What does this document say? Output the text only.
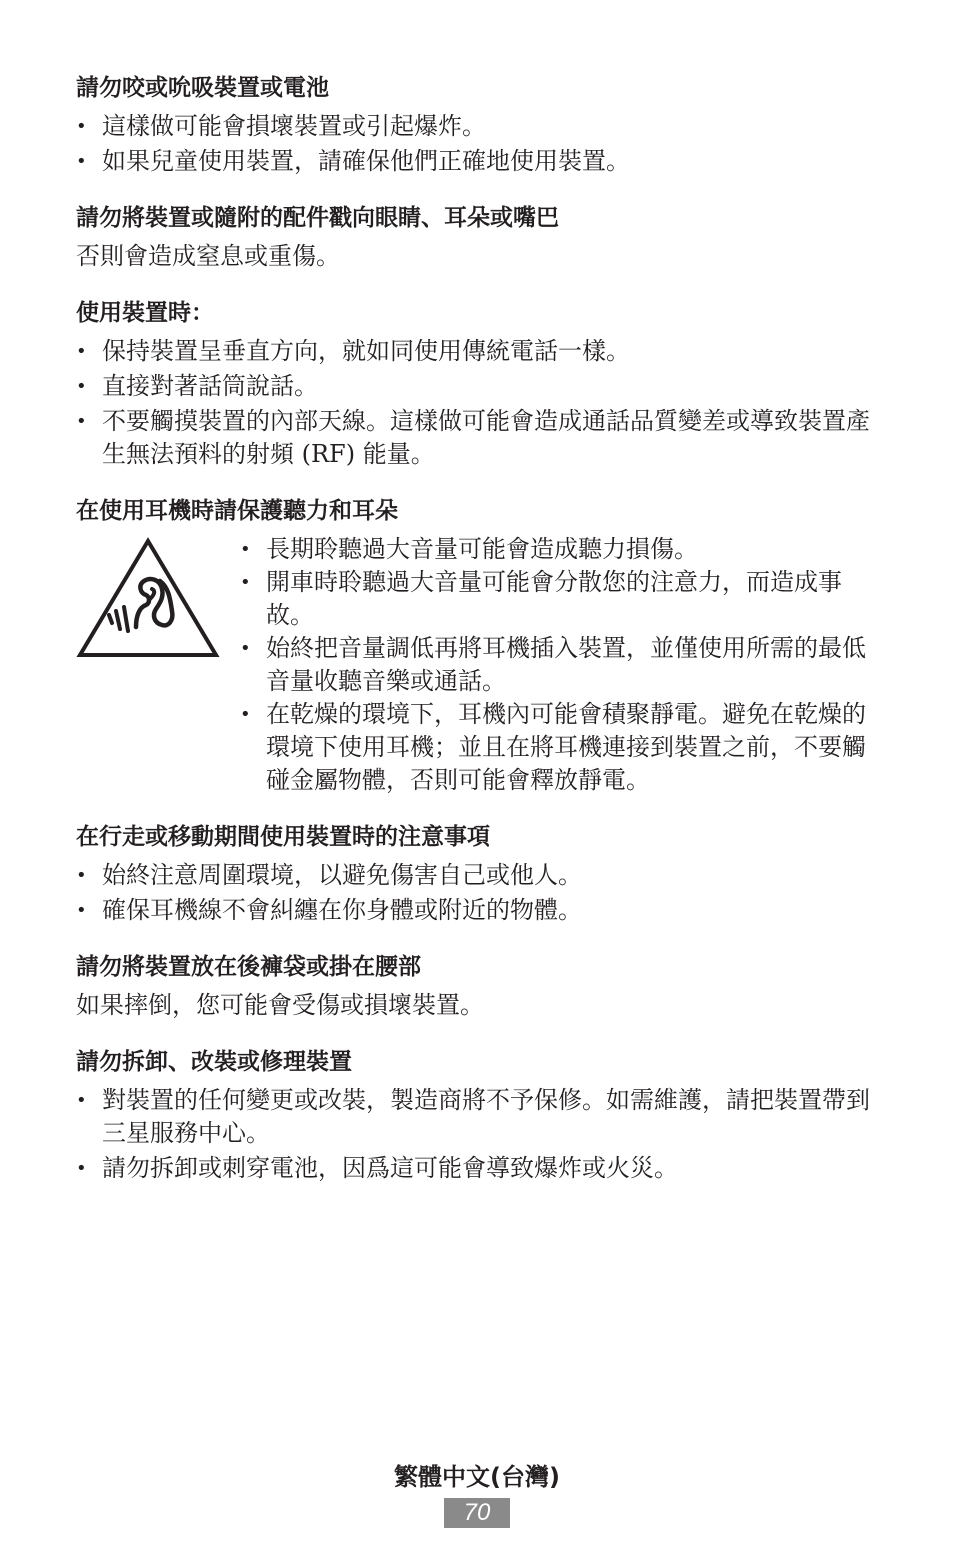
請勿咬或吮吸裝置或電池
• 這樣做可能會損壞裝置或引起爆炸。
• 如果兒童使用裝置，請確保他們正確地使用裝置。
請勿將裝置或隨附的配件戳向眼睛、耳朵或嘴巴

否則會造成窒息或重傷。

使用裝置時：
• 保持裝置呈垂直方向，就如同使用傳統電話一樣。
• 直接對著話筒說話。
• 不要觸摸裝置的內部天線。這樣做可能會造成通話品質變差或導致裝置產生無法預料的射頻 (RF) 能量。
在使用耳機時請保護聽力和耳朵
• 長期聆聽過大音量可能會造成聽力損傷。
• 開車時聆聽過大音量可能會分散您的注意力，而造成事故。
• 始終把音量調低再將耳機插入裝置，並僅使用所需的最低音量收聽音樂或通話。
• 在乾燥的環境下，耳機內可能會積聚靜電。避免在乾燥的環境下使用耳機；並且在將耳機連接到裝置之前，不要觸碰金屬物體，否則可能會釋放靜電。
在行走或移動期間使用裝置時的注意事項
• 始終注意周圍環境，以避免傷害自己或他人。
• 確保耳機線不會糾纏在你身體或附近的物體。
請勿將裝置放在後褲袋或掛在腰部

如果摔倒，您可能會受傷或損壞裝置。

請勿拆卸、改裝或修理裝置
• 對裝置的任何變更或改裝，製造商將不予保修。如需維護，請把裝置帶到三星服務中心。
• 請勿拆卸或刺穿電池，因爲這可能會導致爆炸或火災。
繁體中文(台灣)
70
